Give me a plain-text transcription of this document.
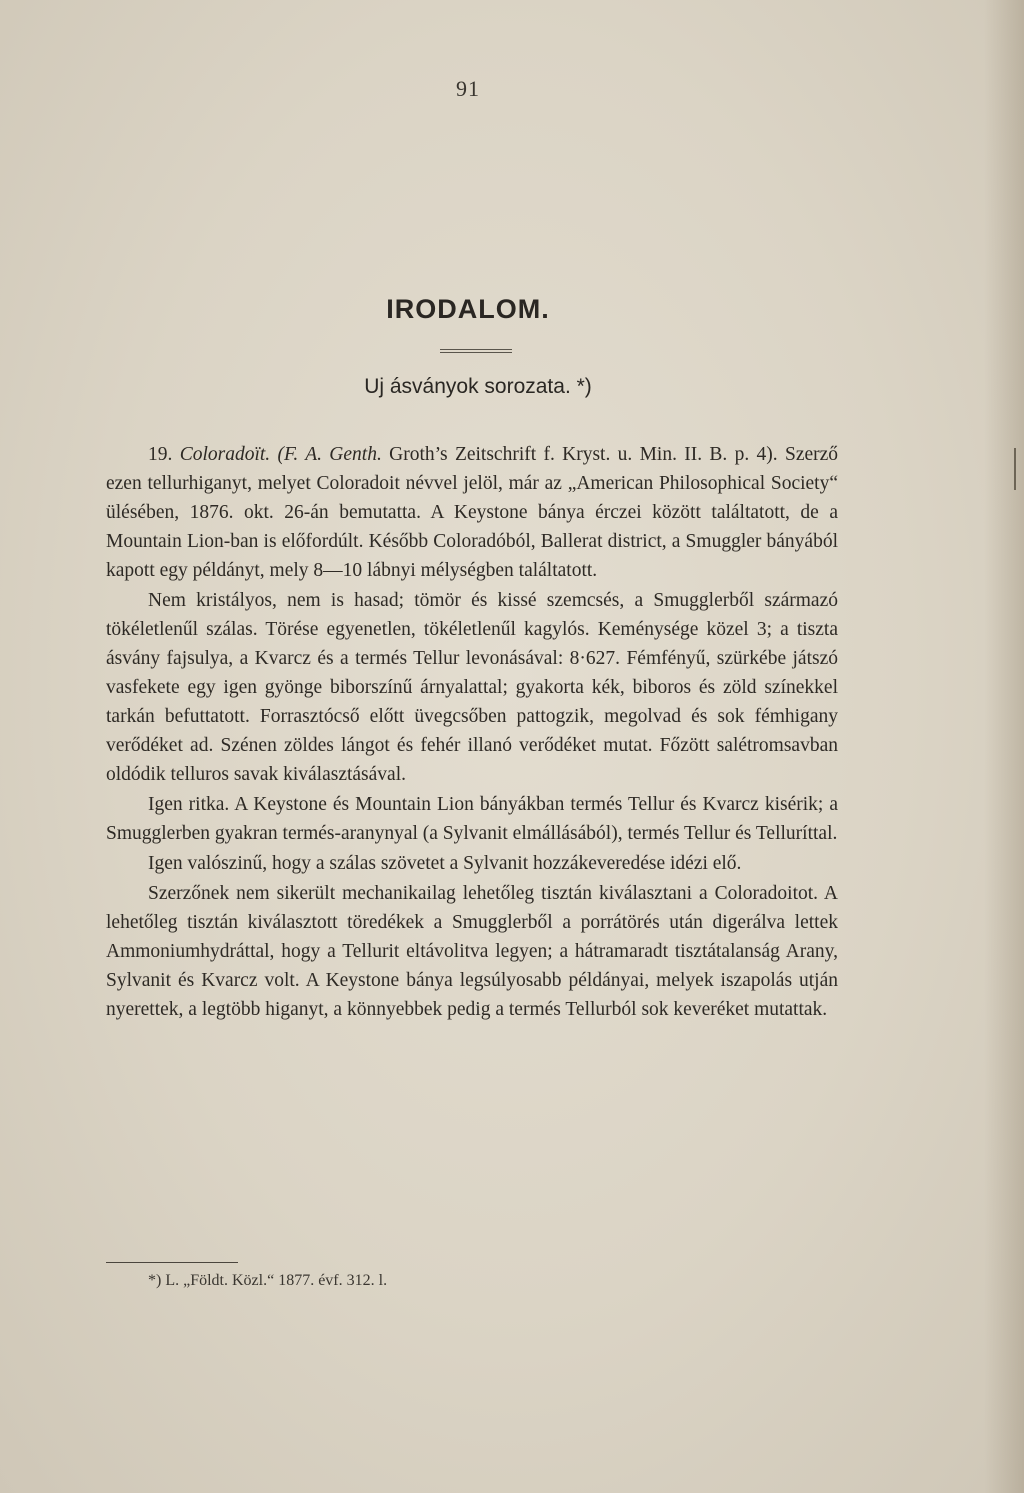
91
IRODALOM.
Uj ásványok sorozata. *)

19. Coloradoït. (F. A. Genth. Groth’s Zeitschrift f. Kryst. u. Min. II. B. p. 4). Szerző ezen tellurhiganyt, melyet Coloradoit névvel jelöl, már az „American Philosophical Society“ ülésében, 1876. okt. 26-án bemutatta. A Keystone bánya érczei között találtatott, de a Mountain Lion-ban is előfordúlt. Később Coloradóból, Ballerat district, a Smuggler bányából kapott egy példányt, mely 8—10 lábnyi mélységben találtatott.

Nem kristályos, nem is hasad; tömör és kissé szemcsés, a Smugglerből származó tökéletlenűl szálas. Törése egyenetlen, tökéletlenűl kagylós. Keménysége közel 3; a tiszta ásvány fajsulya, a Kvarcz és a termés Tellur levonásával: 8·627. Fémfényű, szürkébe játszó vasfekete egy igen gyönge biborszínű árnyalattal; gyakorta kék, biboros és zöld színekkel tarkán befuttatott. Forrasztócső előtt üvegcsőben pattogzik, megolvad és sok fémhigany verődéket ad. Szénen zöldes lángot és fehér illanó verődéket mutat. Főzött salétromsavban oldódik telluros savak kiválasztásával.

Igen ritka. A Keystone és Mountain Lion bányákban termés Tellur és Kvarcz kisérik; a Smugglerben gyakran termés-aranynyal (a Sylvanit elmállásából), termés Tellur és Telluríttal.

Igen valószinű, hogy a szálas szövetet a Sylvanit hozzákeveredése idézi elő.

Szerzőnek nem sikerült mechanikailag lehetőleg tisztán kiválasztani a Coloradoitot. A lehetőleg tisztán kiválasztott töredékek a Smugglerből a porrátörés után digerálva lettek Ammoniumhydráttal, hogy a Tellurit eltávolitva legyen; a hátramaradt tisztátalanság Arany, Sylvanit és Kvarcz volt. A Keystone bánya legsúlyosabb példányai, melyek iszapolás utján nyerettek, a legtöbb higanyt, a könnyebbek pedig a termés Tellurból sok keveréket mutattak.

*) L. „Földt. Közl.“ 1877. évf. 312. l.
